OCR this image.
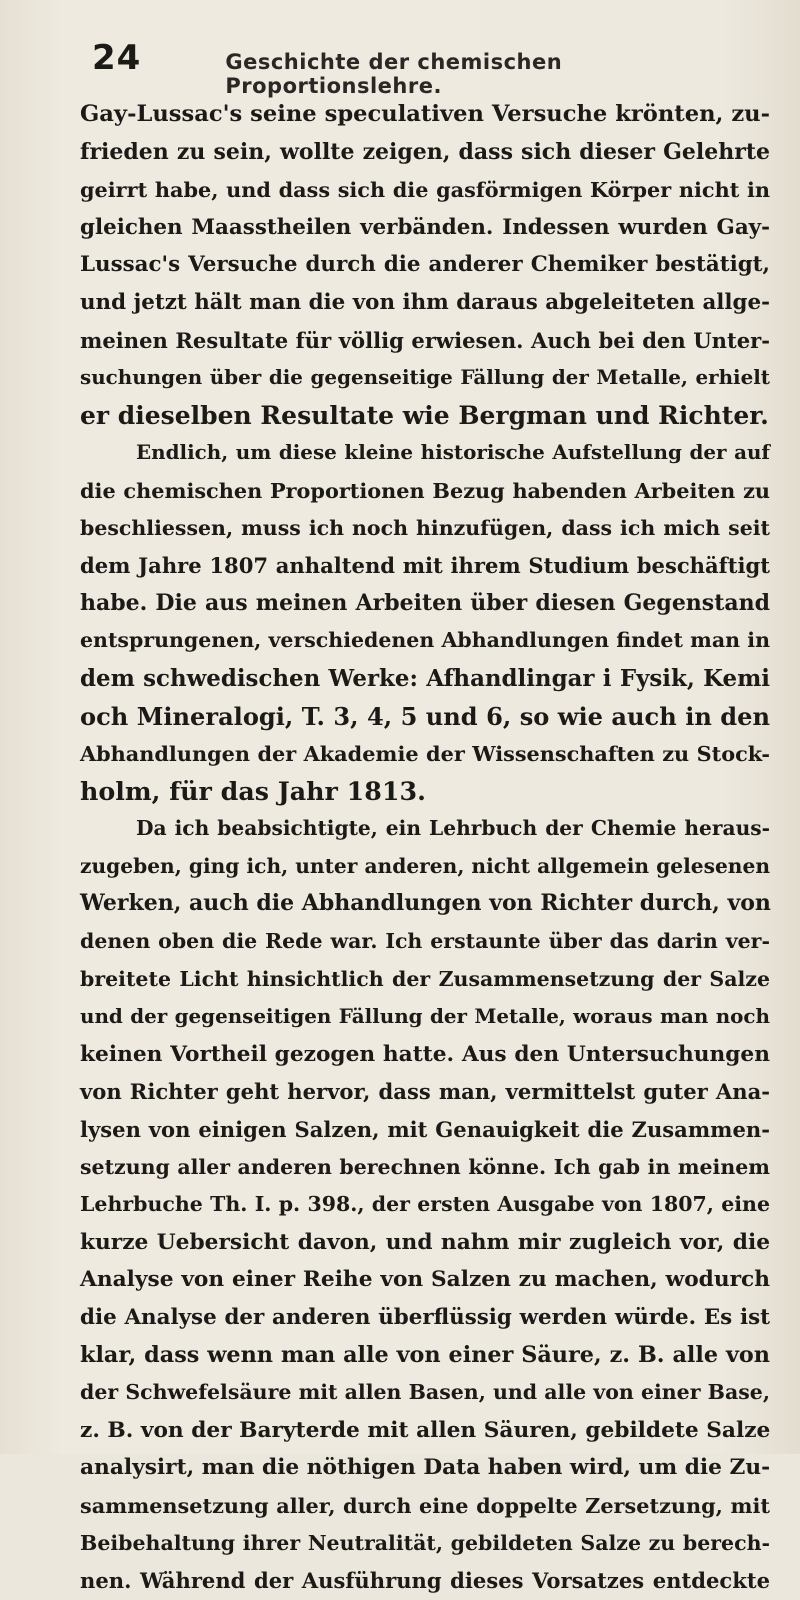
24	Geschichte der chemischen Proportionslehre.
Gay-Lussac's seine speculativen Versuche krönten, zu-
frieden zu sein, wollte zeigen, dass sich dieser Gelehrte
geirrt habe, und dass sich die gasförmigen Körper nicht in
gleichen Maasstheilen verbänden. Indessen wurden Gay-
Lussac's Versuche durch die anderer Chemiker bestätigt,
und jetzt hält man die von ihm daraus abgeleiteten allge-
meinen Resultate für völlig erwiesen. Auch bei den Unter-
suchungen über die gegenseitige Fällung der Metalle, erhielt
er dieselben Resultate wie Bergman und Richter.
Endlich, um diese kleine historische Aufstellung der auf
die chemischen Proportionen Bezug habenden Arbeiten zu
beschliessen, muss ich noch hinzufügen, dass ich mich seit
dem Jahre 1807 anhaltend mit ihrem Studium beschäftigt
habe. Die aus meinen Arbeiten über diesen Gegenstand
entsprungenen, verschiedenen Abhandlungen findet man in
dem schwedischen Werke: Afhandlingar i Fysik, Kemi
och Mineralogi, T. 3, 4, 5 und 6, so wie auch in den
Abhandlungen der Akademie der Wissenschaften zu Stock-
holm, für das Jahr 1813.
Da ich beabsichtigte, ein Lehrbuch der Chemie heraus-
zugeben, ging ich, unter anderen, nicht allgemein gelesenen
Werken, auch die Abhandlungen von Richter durch, von
denen oben die Rede war. Ich erstaunte über das darin ver-
breitete Licht hinsichtlich der Zusammensetzung der Salze
und der gegenseitigen Fällung der Metalle, woraus man noch
keinen Vortheil gezogen hatte. Aus den Untersuchungen
von Richter geht hervor, dass man, vermittelst guter Ana-
lysen von einigen Salzen, mit Genauigkeit die Zusammen-
setzung aller anderen berechnen könne. Ich gab in meinem
Lehrbuche Th. I. p. 398., der ersten Ausgabe von 1807, eine
kurze Uebersicht davon, und nahm mir zugleich vor, die
Analyse von einer Reihe von Salzen zu machen, wodurch
die Analyse der anderen überflüssig werden würde. Es ist
klar, dass wenn man alle von einer Säure, z. B. alle von
der Schwefelsäure mit allen Basen, und alle von einer Base,
z. B. von der Baryterde mit allen Säuren, gebildete Salze
analysirt, man die nöthigen Data haben wird, um die Zu-
sammensetzung aller, durch eine doppelte Zersetzung, mit
Beibehaltung ihrer Neutralität, gebildeten Salze zu berech-
nen. Während der Ausführung dieses Vorsatzes entdeckte
